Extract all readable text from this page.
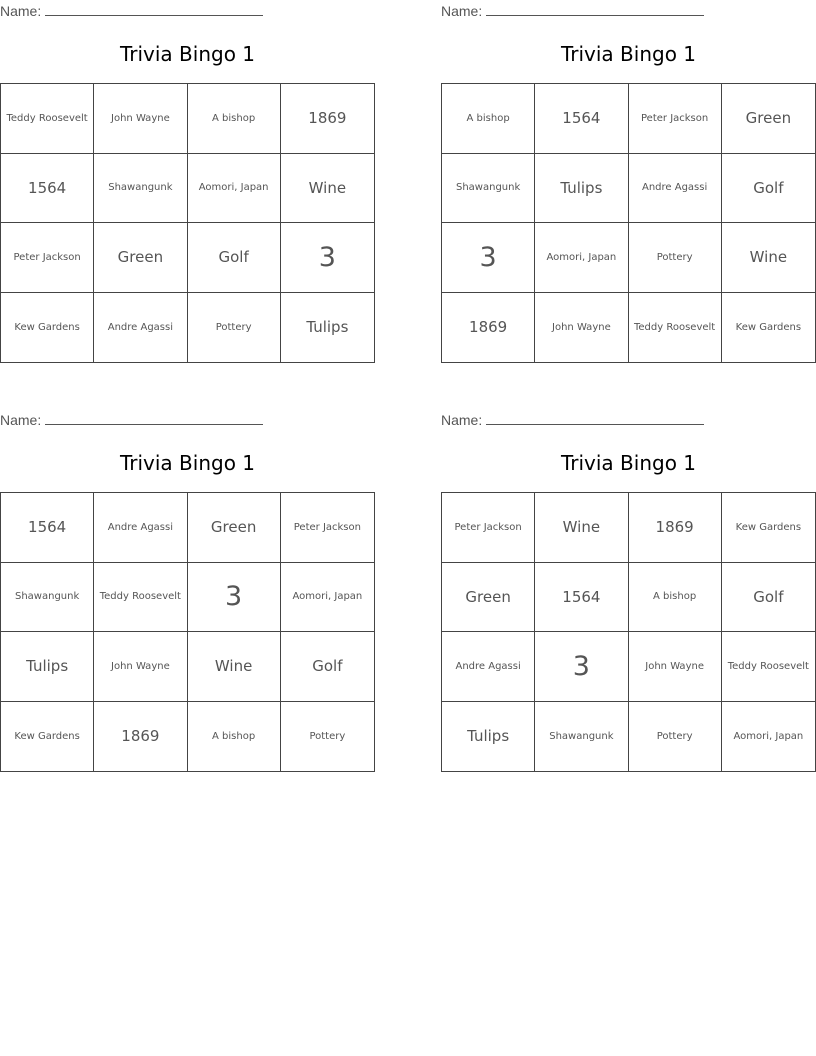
Name:
Trivia Bingo 1
Teddy Roosevelt	John Wayne	A bishop	1869
1564	Shawangunk	Aomori, Japan	Wine
Peter Jackson	Green	Golf	3
Kew Gardens	Andre Agassi	Pottery	Tulips
Name:
Trivia Bingo 1
A bishop	1564	Peter Jackson	Green
Shawangunk	Tulips	Andre Agassi	Golf
3	Aomori, Japan	Pottery	Wine
1869	John Wayne	Teddy Roosevelt	Kew Gardens
Name:
Trivia Bingo 1
1564	Andre Agassi	Green	Peter Jackson
Shawangunk	Teddy Roosevelt	3	Aomori, Japan
Tulips	John Wayne	Wine	Golf
Kew Gardens	1869	A bishop	Pottery
Name:
Trivia Bingo 1
Peter Jackson	Wine	1869	Kew Gardens
Green	1564	A bishop	Golf
Andre Agassi	3	John Wayne	Teddy Roosevelt
Tulips	Shawangunk	Pottery	Aomori, Japan
